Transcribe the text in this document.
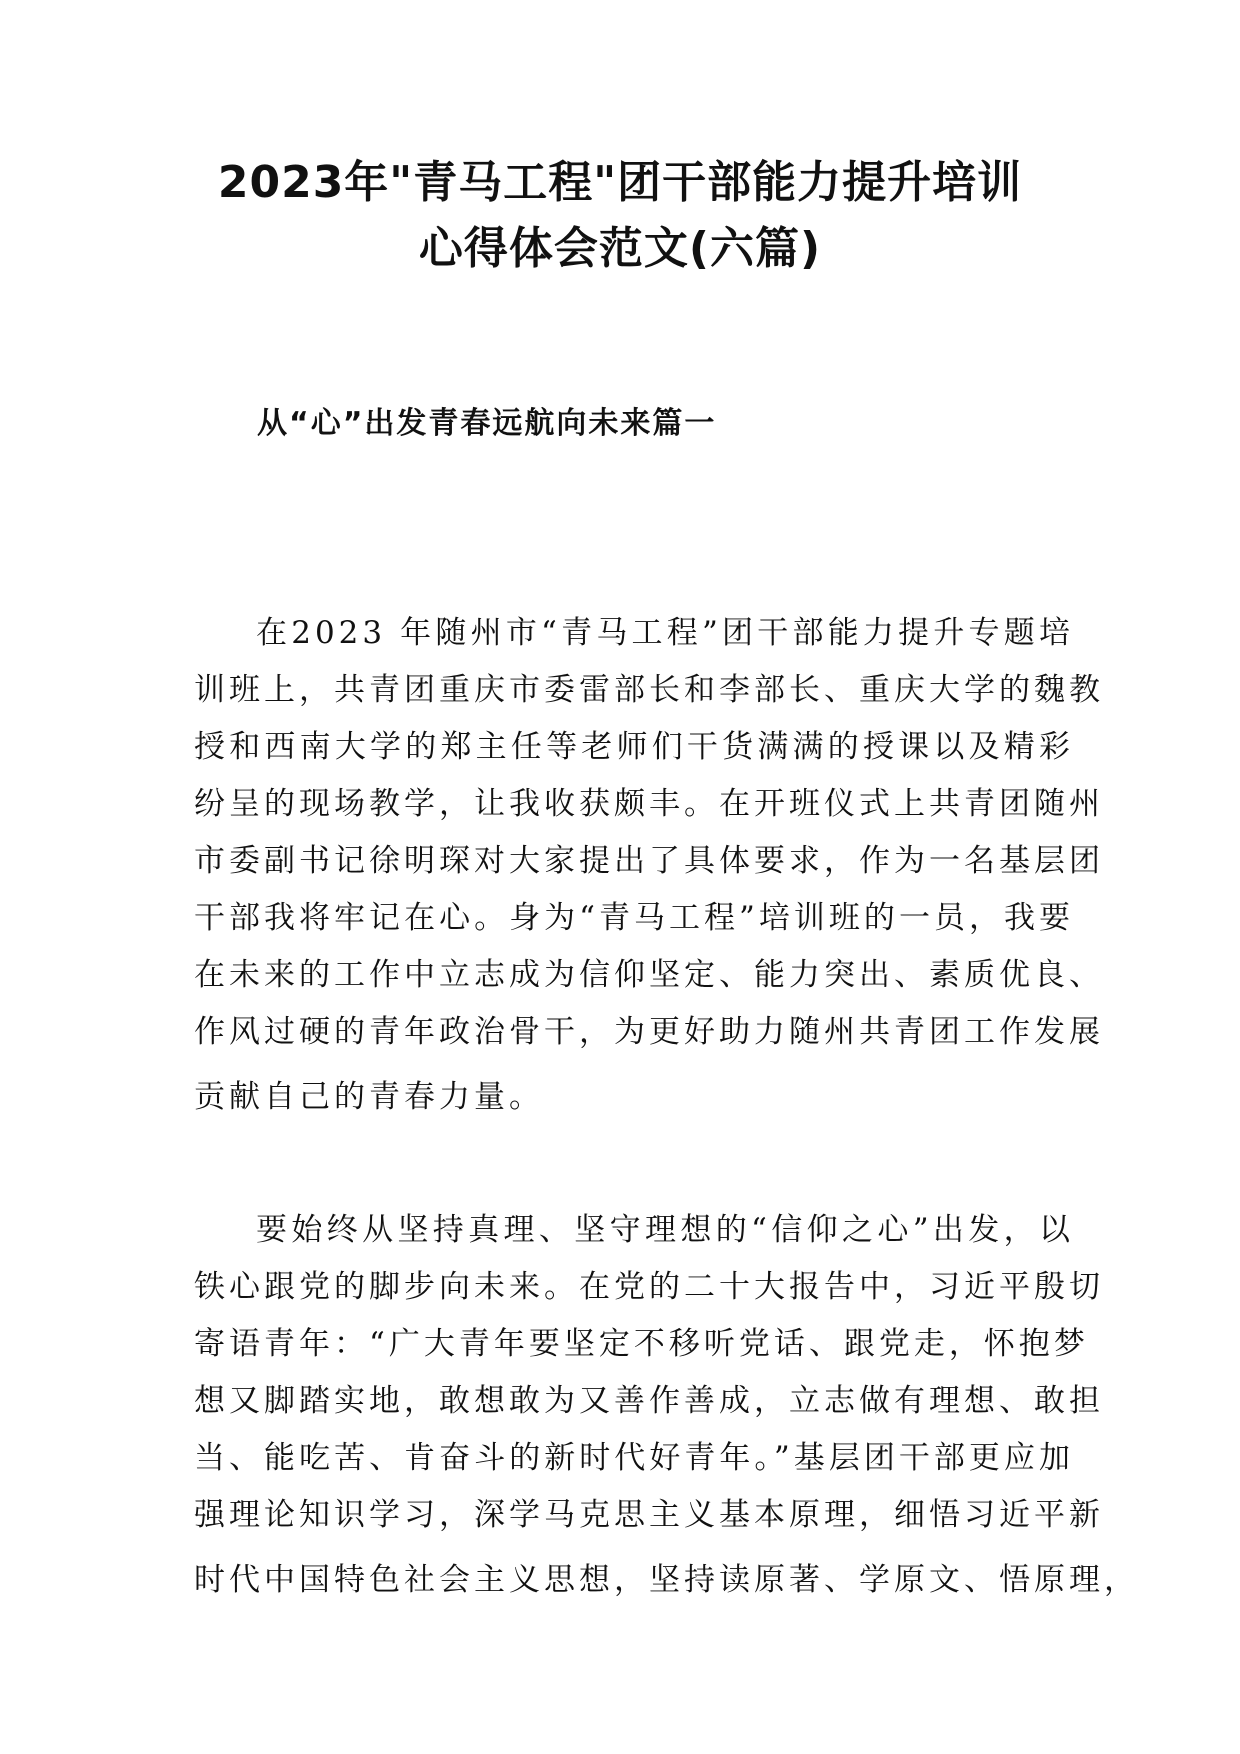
2023年"青马工程"团干部能力提升培训
心得体会范文(六篇)
从“心”出发青春远航向未来篇一
在2023 年随州市“青马工程”团干部能力提升专题培
训班上，共青团重庆市委雷部长和李部长、重庆大学的魏教
授和西南大学的郑主任等老师们干货满满的授课以及精彩
纷呈的现场教学，让我收获颇丰。在开班仪式上共青团随州
市委副书记徐明琛对大家提出了具体要求，作为一名基层团
干部我将牢记在心。身为“青马工程”培训班的一员，我要
在未来的工作中立志成为信仰坚定、能力突出、素质优良、
作风过硬的青年政治骨干，为更好助力随州共青团工作发展
贡献自己的青春力量。
要始终从坚持真理、坚守理想的“信仰之心”出发，以
铁心跟党的脚步向未来。在党的二十大报告中，习近平殷切
寄语青年：“广大青年要坚定不移听党话、跟党走，怀抱梦
想又脚踏实地，敢想敢为又善作善成，立志做有理想、敢担
当、能吃苦、肯奋斗的新时代好青年。”基层团干部更应加
强理论知识学习，深学马克思主义基本原理，细悟习近平新
时代中国特色社会主义思想，坚持读原著、学原文、悟原理，
